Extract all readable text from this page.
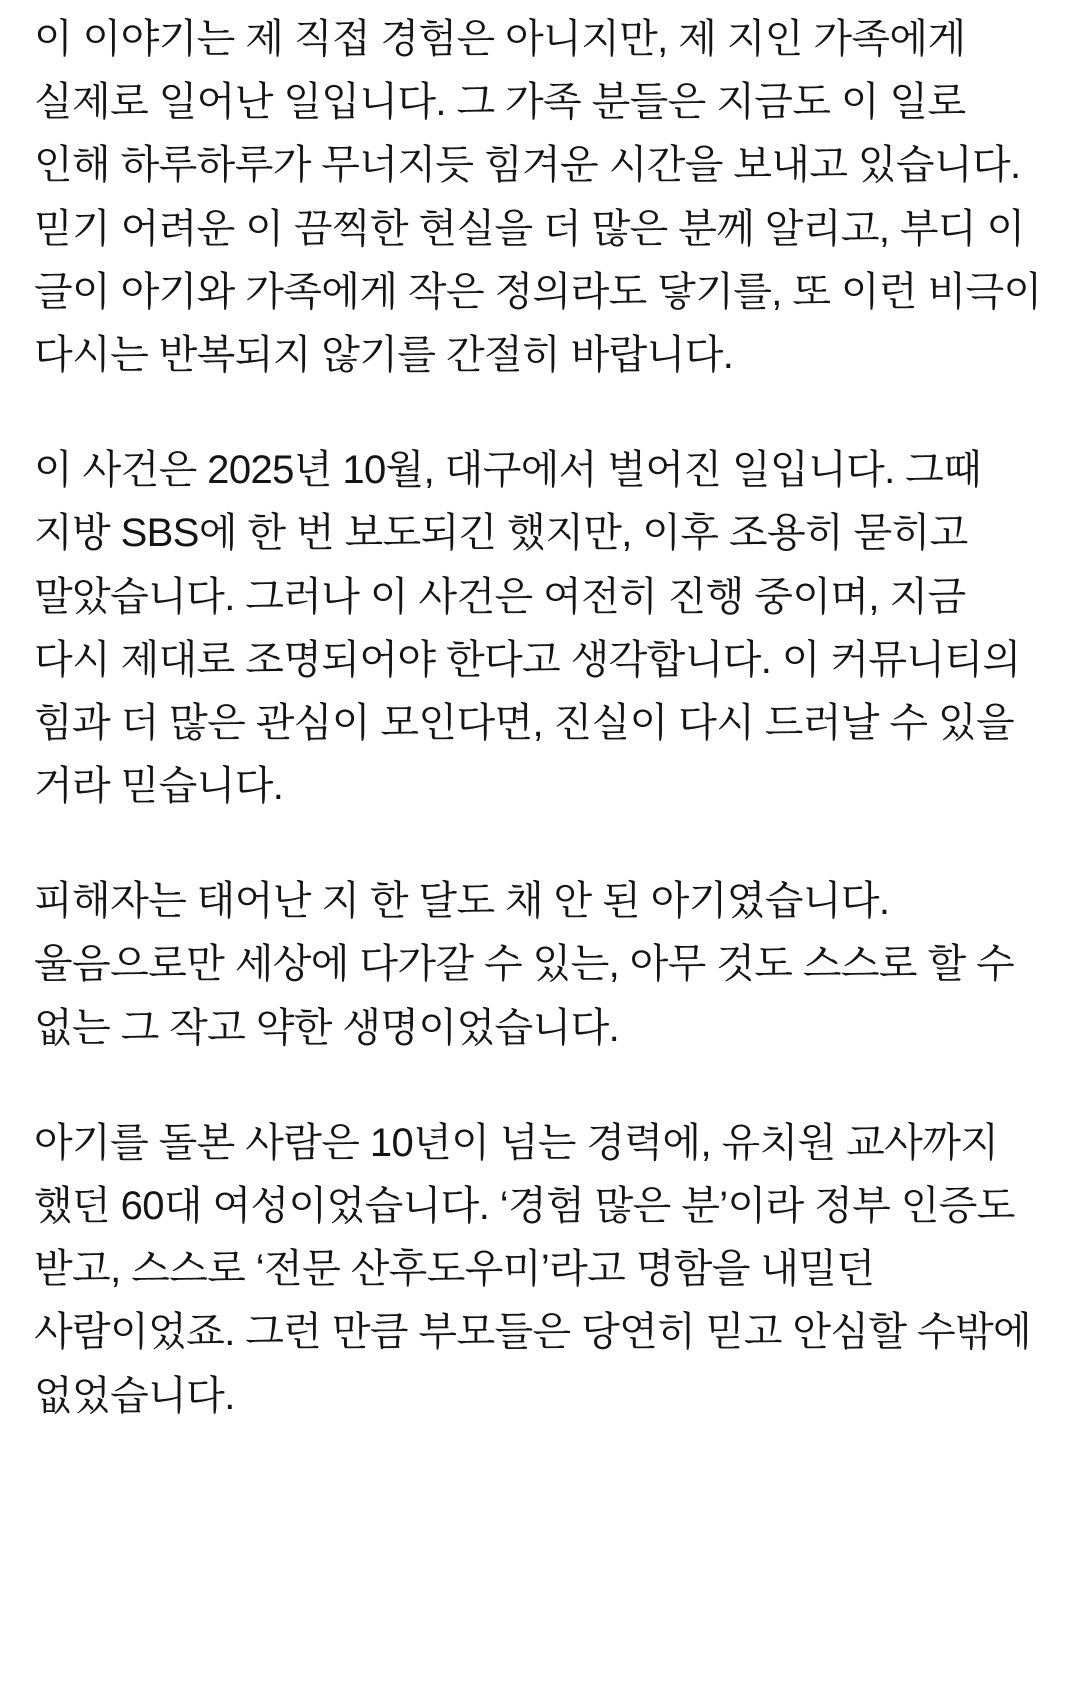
이 이야기는 제 직접 경험은 아니지만, 제 지인 가족에게 실제로 일어난 일입니다. 그 가족 분들은 지금도 이 일로 인해 하루하루가 무너지듯 힘겨운 시간을 보내고 있습니다. 믿기 어려운 이 끔찍한 현실을 더 많은 분께 알리고, 부디 이 글이 아기와 가족에게 작은 정의라도 닿기를, 또 이런 비극이 다시는 반복되지 않기를 간절히 바랍니다.

이 사건은 2025년 10월, 대구에서 벌어진 일입니다. 그때 지방 SBS에 한 번 보도되긴 했지만, 이후 조용히 묻히고 말았습니다. 그러나 이 사건은 여전히 진행 중이며, 지금 다시 제대로 조명되어야 한다고 생각합니다. 이 커뮤니티의 힘과 더 많은 관심이 모인다면, 진실이 다시 드러날 수 있을 거라 믿습니다.

피해자는 태어난 지 한 달도 채 안 된 아기였습니다. 울음으로만 세상에 다가갈 수 있는, 아무 것도 스스로 할 수 없는 그 작고 약한 생명이었습니다.

아기를 돌본 사람은 10년이 넘는 경력에, 유치원 교사까지 했던 60대 여성이었습니다. ‘경험 많은 분’이라 정부 인증도 받고, 스스로 ‘전문 산후도우미’라고 명함을 내밀던 사람이었죠. 그런 만큼 부모들은 당연히 믿고 안심할 수밖에 없었습니다.
